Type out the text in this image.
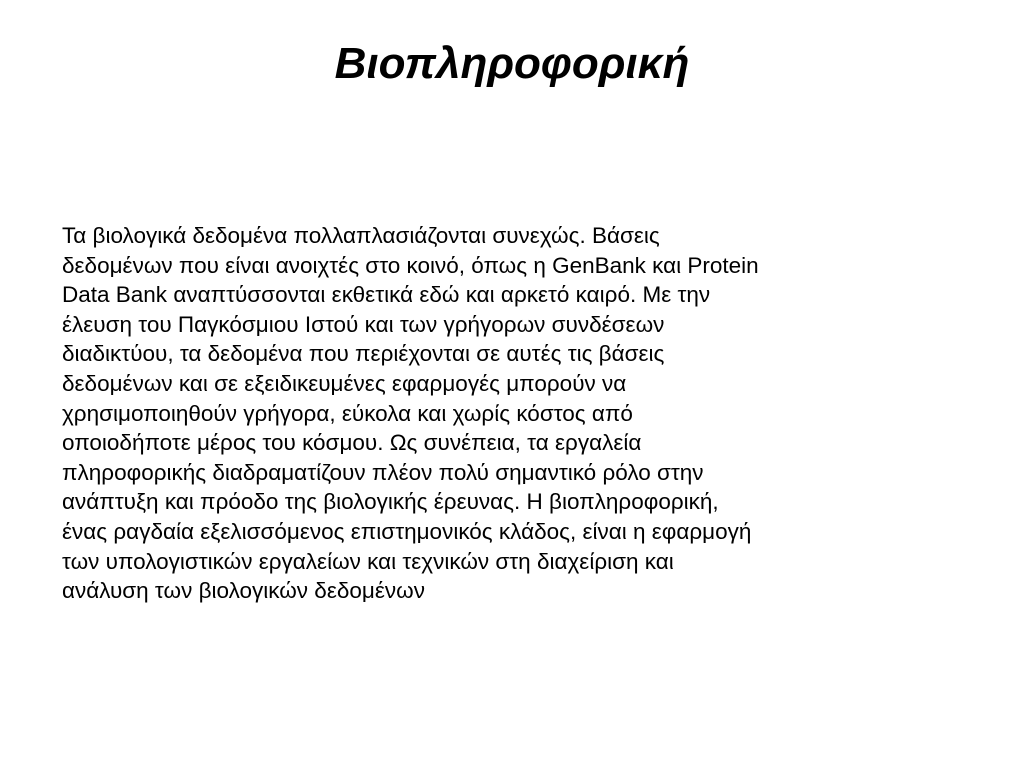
Βιοπληροφορική
Τα βιολογικά δεδομένα πολλαπλασιάζονται συνεχώς. Βάσεις
δεδομένων που είναι ανοιχτές στο κοινό, όπως η GenBank και Protein
Data Bank αναπτύσσονται εκθετικά εδώ και αρκετό καιρό. Με την
έλευση του Παγκόσμιου Ιστού και των γρήγορων συνδέσεων
διαδικτύου, τα δεδομένα που περιέχονται σε αυτές τις βάσεις
δεδομένων και σε εξειδικευμένες εφαρμογές μπορούν να
χρησιμοποιηθούν γρήγορα, εύκολα και χωρίς κόστος από
οποιοδήποτε μέρος του κόσμου. Ως συνέπεια, τα εργαλεία
πληροφορικής διαδραματίζουν πλέον πολύ σημαντικό ρόλο στην
ανάπτυξη και πρόοδο της βιολογικής έρευνας. Η βιοπληροφορική,
ένας ραγδαία εξελισσόμενος επιστημονικός κλάδος, είναι η εφαρμογή
των υπολογιστικών εργαλείων και τεχνικών στη διαχείριση και
ανάλυση των βιολογικών δεδομένων
